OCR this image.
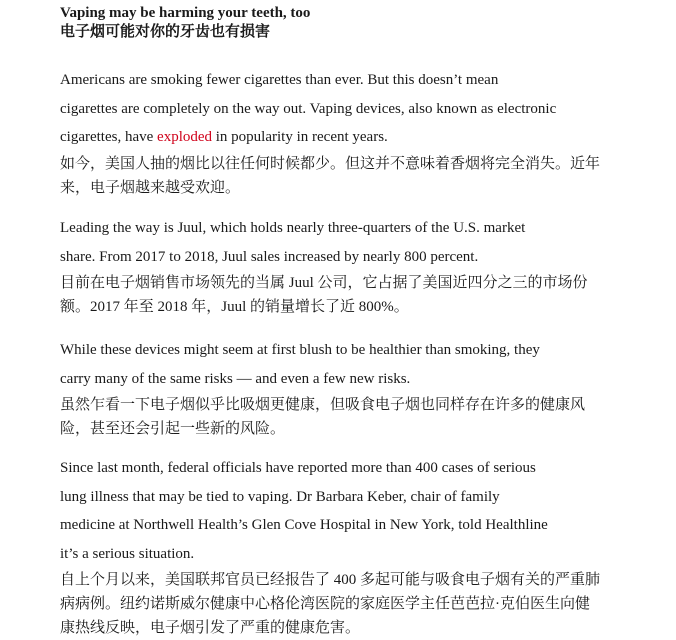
Vaping may be harming your teeth, too
电子烟可能对你的牙齿也有损害
Americans are smoking fewer cigarettes than ever. But this doesn’t mean
cigarettes are completely on the way out. Vaping devices, also known as electronic
cigarettes, have exploded in popularity in recent years.
如今，美国人抽的烟比以往任何时候都少。但这并不意味着香烟将完全消失。近年
来，电子烟越来越受欢迎。
Leading the way is Juul, which holds nearly three-quarters of the U.S. market
share. From 2017 to 2018, Juul sales increased by nearly 800 percent.
目前在电子烟销售市场领先的当属 Juul 公司，它占据了美国近四分之三的市场份
额。2017 年至 2018 年，Juul 的销量增长了近 800%。
While these devices might seem at first blush to be healthier than smoking, they
carry many of the same risks — and even a few new risks.
虽然乍看一下电子烟似乎比吸烟更健康，但吸食电子烟也同样存在许多的健康风
险，甚至还会引起一些新的风险。
Since last month, federal officials have reported more than 400 cases of serious
lung illness that may be tied to vaping. Dr Barbara Keber, chair of family
medicine at Northwell Health’s Glen Cove Hospital in New York, told Healthline
it’s a serious situation.
自上个月以来，美国联邦官员已经报告了 400 多起可能与吸食电子烟有关的严重肺
病病例。纽约诺斯威尔健康中心格伦湾医院的家庭医学主任芭芭拉·克伯医生向健
康热线反映，电子烟引发了严重的健康危害。
